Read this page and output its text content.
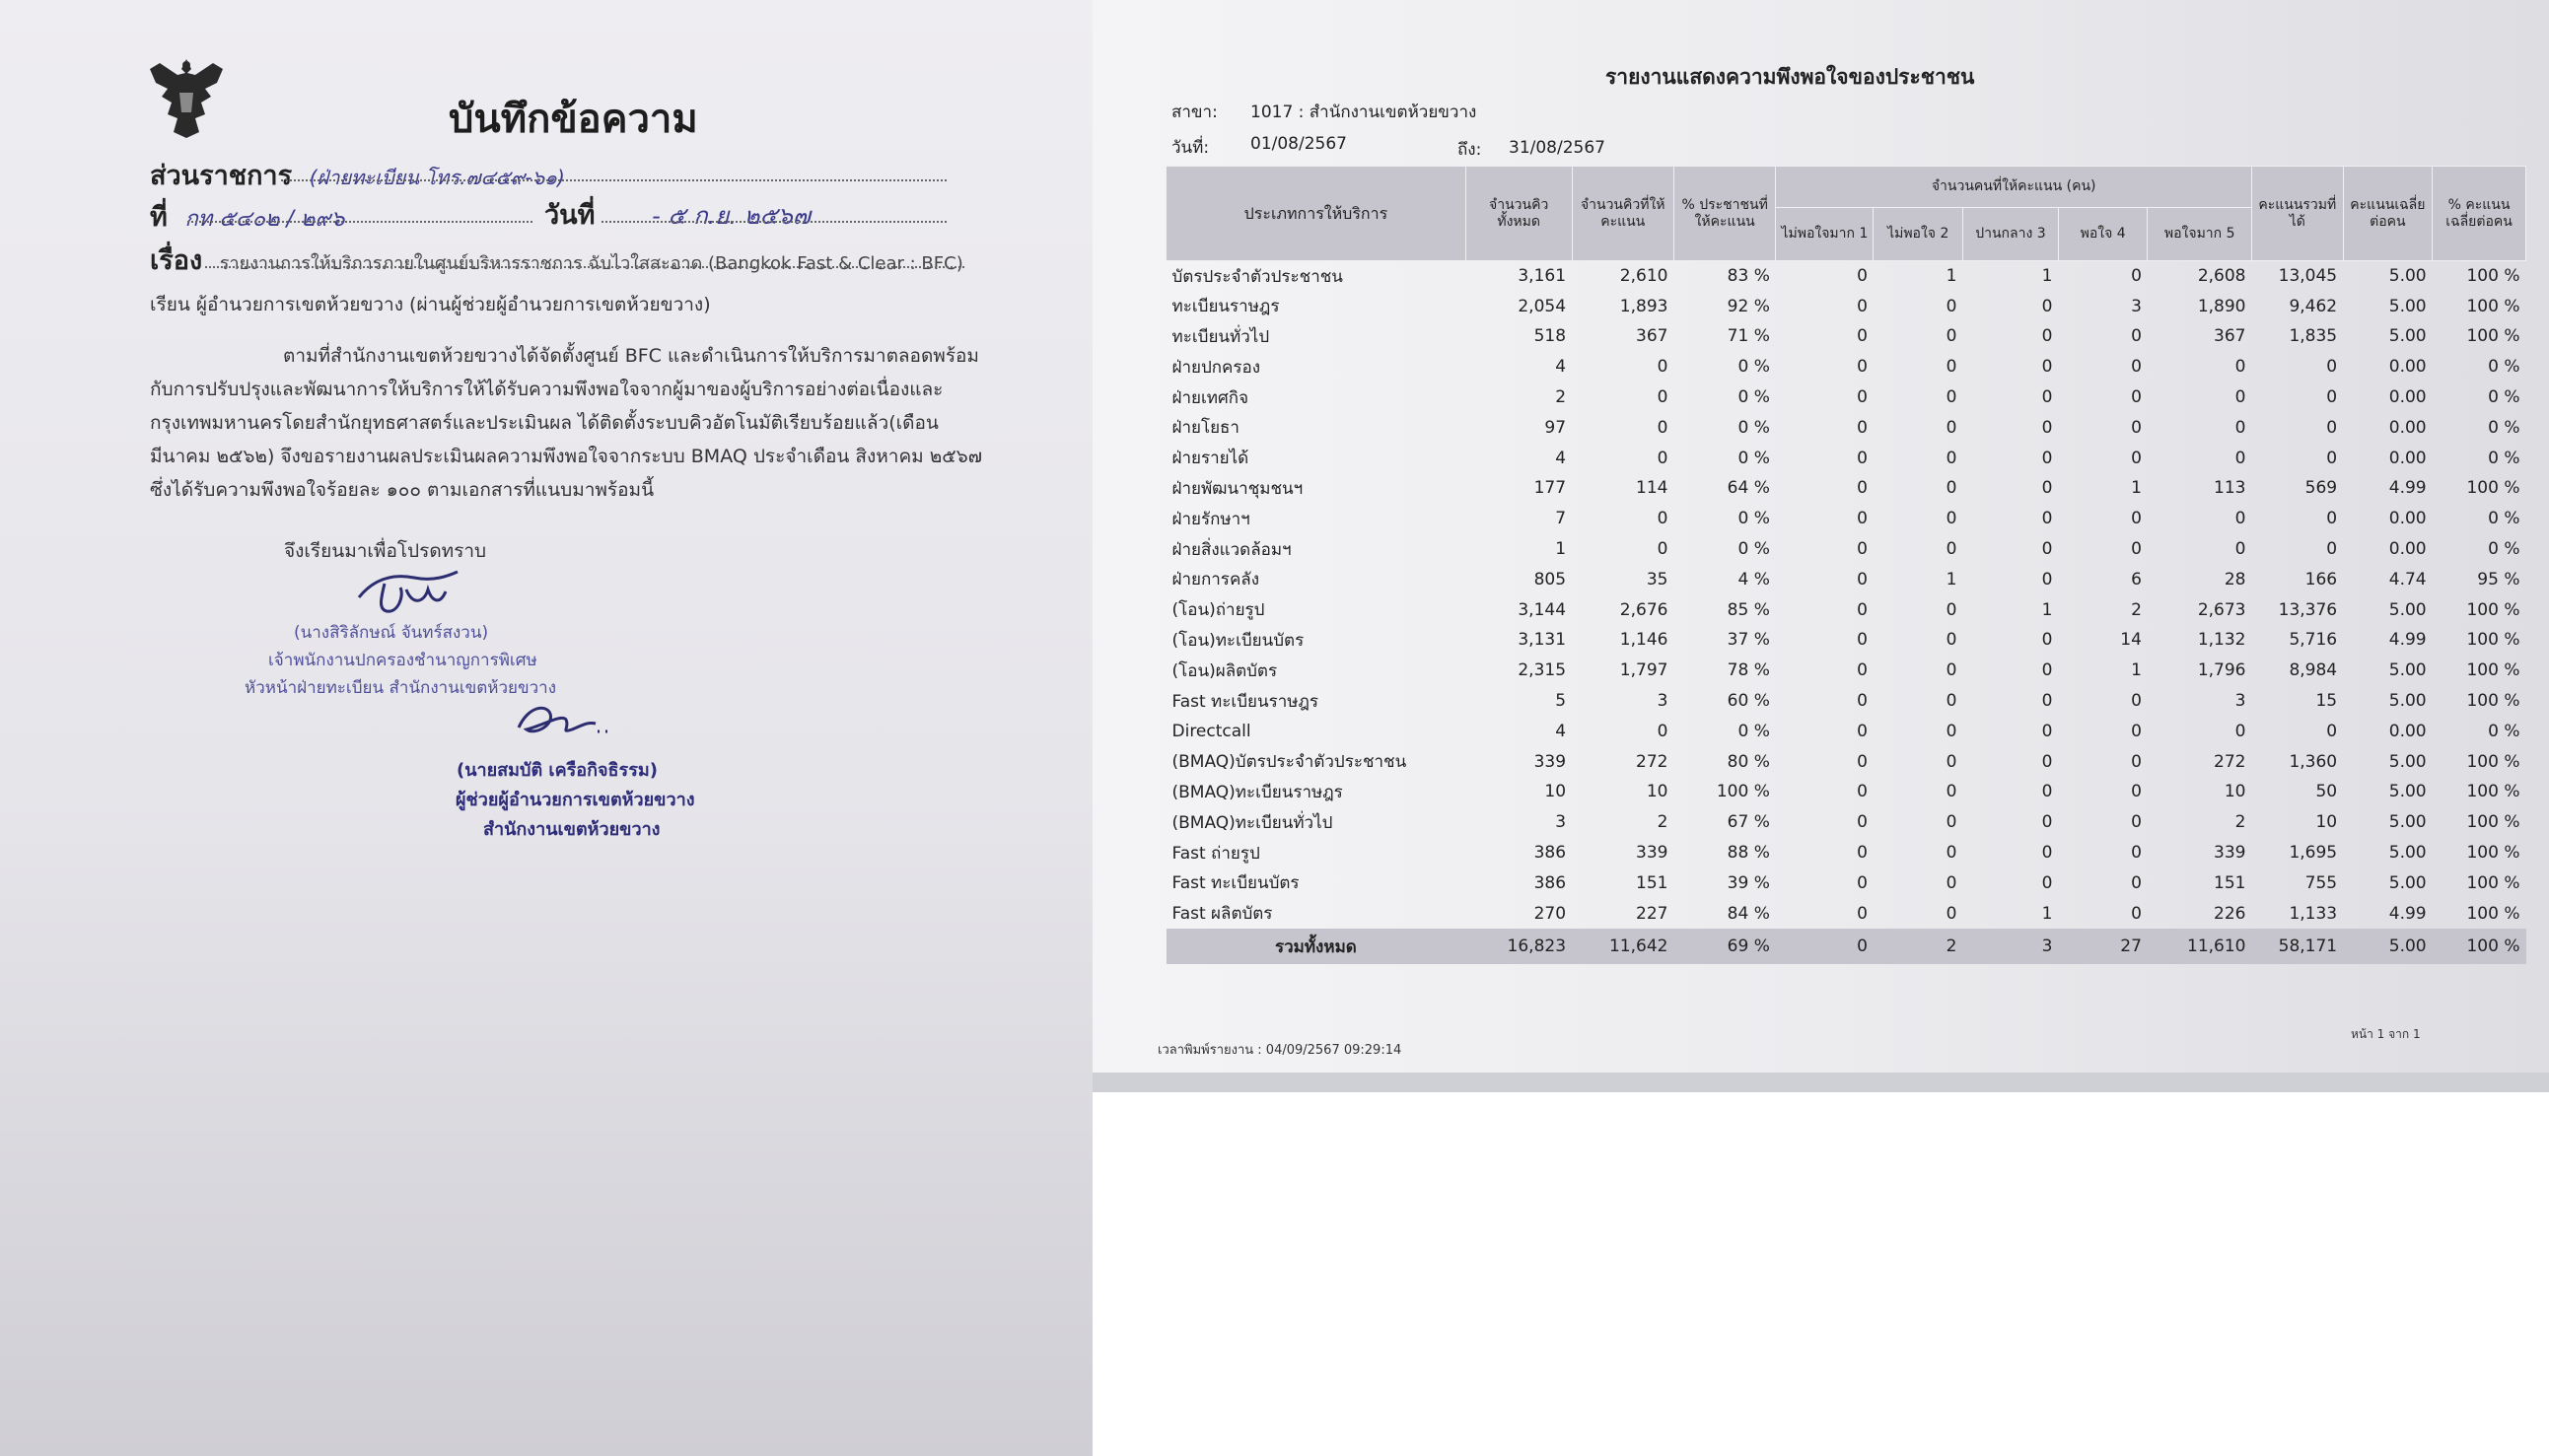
บันทึกข้อความ
ส่วนราชการ (ฝ่ายทะเบียน โทร.๗๔๕๙-๖๑)
ที่ กท ๕๔๐๒ / ๒๙๖	วันที่ - ๕ ก.ย. ๒๕๖๗
เรื่อง รายงานการให้บริการภายในศูนย์บริหารราชการ ฉับไวใสสะอาด (Bangkok Fast & Clear : BFC)
เรียน ผู้อำนวยการเขตห้วยขวาง (ผ่านผู้ช่วยผู้อำนวยการเขตห้วยขวาง)
ตามที่สำนักงานเขตห้วยขวางได้จัดตั้งศูนย์ BFC และดำเนินการให้บริการมาตลอดพร้อม
กับการปรับปรุงและพัฒนาการให้บริการให้ได้รับความพึงพอใจจากผู้มาของผู้บริการอย่างต่อเนื่องและ
กรุงเทพมหานครโดยสำนักยุทธศาสตร์และประเมินผล ได้ติดตั้งระบบคิวอัตโนมัติเรียบร้อยแล้ว(เดือน
มีนาคม ๒๕๖๒) จึงขอรายงานผลประเมินผลความพึงพอใจจากระบบ BMAQ ประจำเดือน สิงหาคม ๒๕๖๗
ซึ่งได้รับความพึงพอใจร้อยละ ๑๐๐ ตามเอกสารที่แนบมาพร้อมนี้
จึงเรียนมาเพื่อโปรดทราบ
(นางสิริลักษณ์ จันทร์สงวน)
เจ้าพนักงานปกครองชำนาญการพิเศษ
หัวหน้าฝ่ายทะเบียน สำนักงานเขตห้วยขวาง
(นายสมบัติ เครือกิจธิรรม)
ผู้ช่วยผู้อำนวยการเขตห้วยขวาง
สำนักงานเขตห้วยขวาง
รายงานแสดงความพึงพอใจของประชาชน
สาขา: 1017 : สำนักงานเขตห้วยขวาง
วันที่: 01/08/2567	ถึง: 31/08/2567
ประเภทการให้บริการ	จำนวนคิวทั้งหมด	จำนวนคิวที่ให้คะแนน	% ประชาชนที่ให้คะแนน	จำนวนคนที่ให้คะแนน (คน)					คะแนนรวมที่ได้	คะแนนเฉลี่ยต่อคน	% คะแนนเฉลี่ยต่อคน
				ไม่พอใจมาก 1	ไม่พอใจ 2	ปานกลาง 3	พอใจ 4	พอใจมาก 5			
บัตรประจำตัวประชาชน	3,161	2,610	83 %	0	1	1	0	2,608	13,045	5.00	100 %
ทะเบียนราษฎร	2,054	1,893	92 %	0	0	0	3	1,890	9,462	5.00	100 %
ทะเบียนทั่วไป	518	367	71 %	0	0	0	0	367	1,835	5.00	100 %
ฝ่ายปกครอง	4	0	0 %	0	0	0	0	0	0	0.00	0 %
ฝ่ายเทศกิจ	2	0	0 %	0	0	0	0	0	0	0.00	0 %
ฝ่ายโยธา	97	0	0 %	0	0	0	0	0	0	0.00	0 %
ฝ่ายรายได้	4	0	0 %	0	0	0	0	0	0	0.00	0 %
ฝ่ายพัฒนาชุมชนฯ	177	114	64 %	0	0	0	1	113	569	4.99	100 %
ฝ่ายรักษาฯ	7	0	0 %	0	0	0	0	0	0	0.00	0 %
ฝ่ายสิ่งแวดล้อมฯ	1	0	0 %	0	0	0	0	0	0	0.00	0 %
ฝ่ายการคลัง	805	35	4 %	0	1	0	6	28	166	4.74	95 %
(โอน)ถ่ายรูป	3,144	2,676	85 %	0	0	1	2	2,673	13,376	5.00	100 %
(โอน)ทะเบียนบัตร	3,131	1,146	37 %	0	0	0	14	1,132	5,716	4.99	100 %
(โอน)ผลิตบัตร	2,315	1,797	78 %	0	0	0	1	1,796	8,984	5.00	100 %
Fast ทะเบียนราษฎร	5	3	60 %	0	0	0	0	3	15	5.00	100 %
Directcall	4	0	0 %	0	0	0	0	0	0	0.00	0 %
(BMAQ)บัตรประจำตัวประชาชน	339	272	80 %	0	0	0	0	272	1,360	5.00	100 %
(BMAQ)ทะเบียนราษฎร	10	10	100 %	0	0	0	0	10	50	5.00	100 %
(BMAQ)ทะเบียนทั่วไป	3	2	67 %	0	0	0	0	2	10	5.00	100 %
Fast ถ่ายรูป	386	339	88 %	0	0	0	0	339	1,695	5.00	100 %
Fast ทะเบียนบัตร	386	151	39 %	0	0	0	0	151	755	5.00	100 %
Fast ผลิตบัตร	270	227	84 %	0	0	1	0	226	1,133	4.99	100 %
รวมทั้งหมด	16,823	11,642	69 %	0	2	3	27	11,610	58,171	5.00	100 %
เวลาพิมพ์รายงาน : 04/09/2567 09:29:14
หน้า 1 จาก 1
